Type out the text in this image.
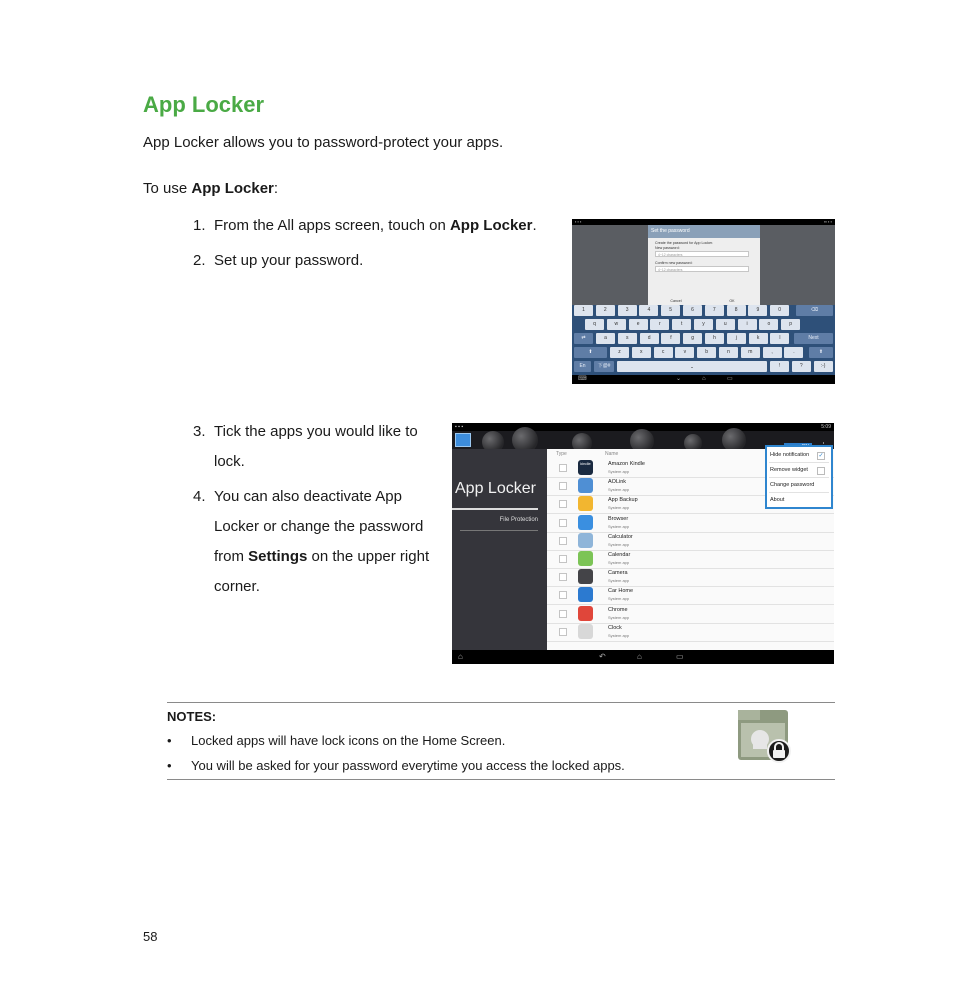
App Locker
App Locker allows you to password-protect your apps.
To use App Locker:
1. From the All apps screen, touch on App Locker.
2. Set up your password.
3. Tick the apps you would like to lock.
4. You can also deactivate App Locker or change the password from Settings on the upper right corner.
▪ ▪ ▪	▪▪ ▪ ▪
Set the password
Create the password for App Locker.
New password:
4~12 characters
Confirm new password:
4~12 characters
Cancel	OK
1	2	3	4	5	6	7	8	9	0	⌫
q	w	e	r	t	y	u	i	o	p
⇄	a	s	d	f	g	h	j	k	l	Next
⬆	z	x	c	v	b	n	m	,	.	⬆
En	下@#	⎵	!	?	:-)
⌨	⌄	⌂	▭
▪ ▪ ▪	5:09
App Locker
File Protection
Type	Name
kindle	Amazon Kindle
System app
AOLink
System app
App Backup
System app
Browser
System app
Calculator
System app
Calendar
System app
Camera
System app
Car Home
System app
Chrome
System app
Clock
System app
Hide notification ✓
Remove widget
Change password
About
⌂	↶	⌂	▭
NOTES:
• Locked apps will have lock icons on the Home Screen.
• You will be asked for your password everytime you access the locked apps.
58
